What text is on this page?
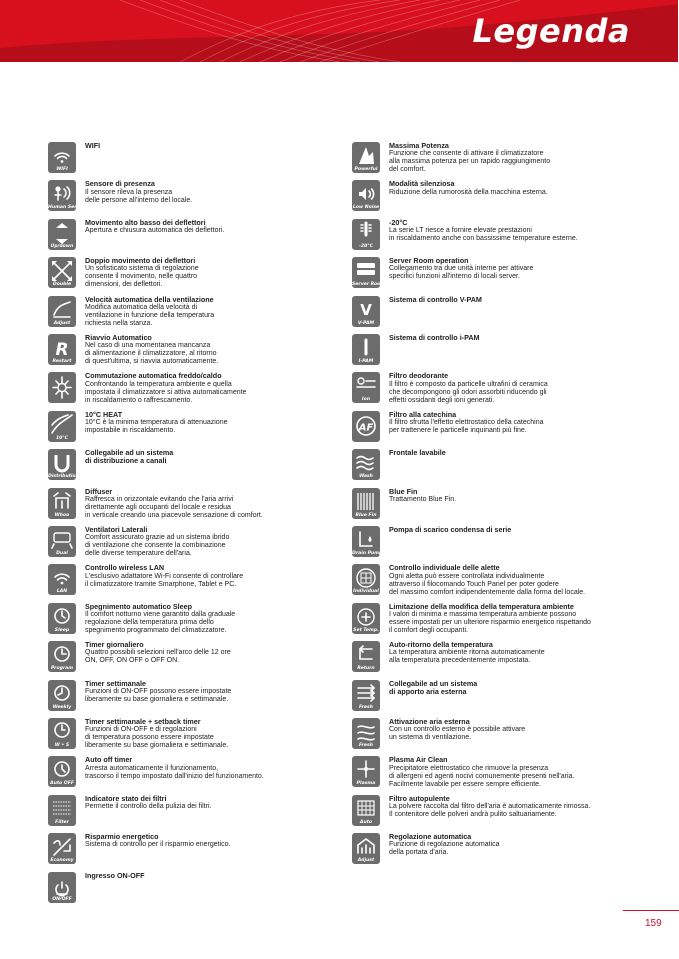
Legenda
WIFI
WIFI
Human Sensor
Sensore di presenza
Il sensore rileva la presenza
delle persone all'interno del locale.
Up/down
Movimento alto basso dei deflettori
Apertura e chiusura automatica dei deflettori.
Double
Doppio movimento dei deflettori
Un sofisticato sistema di regolazione
consente il movimento, nelle quattro
dimensioni, dei deflettori.
Adjust
Velocità automatica della ventilazione
Modifica automatica della velocità di
ventilazione in funzione della temperatura
richiesta nella stanza.
R
Restart
Riavvio Automatico
Nel caso di una momentanea mancanza
di alimentazione il climatizzatore, al ritorno
di quest'ultima, si riavvia automaticamente.
Commutazione automatica freddo/caldo
Confrontando la temperatura ambiente e quella
impostata il climatizzatore si attiva automaticamente
in riscaldamento o raffrescamento.
10°C
10°C HEAT
10°C è la minima temperatura di attenuazione
impostabile in riscaldamento.
Distribution
Collegabile ad un sistema
di distribuzione a canali
Whoo
Diffuser
Raffresca in orizzontale evitando che l'aria arrivi
direttamente agli occupanti del locale e residua
in verticale creando una piacevole sensazione di comfort.
Dual
Ventilatori Laterali
Comfort assicurato grazie ad un sistema ibrido
di ventilazione che consente la combinazione
delle diverse temperature dell'aria.
LAN
Controllo wireless LAN
L'esclusivo adattatore Wi-Fi consente di controllare
il climatizzatore tramite Smarphone, Tablet e PC.
Sleep
Spegnimento automatico Sleep
Il comfort notturno viene garantito dalla graduale
regolazione della temperatura prima dello
spegnimento programmato del climatizzatore.
Program
Timer giornaliero
Quattro possibili selezioni nell'arco delle 12 ore
ON, OFF, ON OFF o OFF ON.
Weekly
Timer settimanale
Funzioni di ON-OFF possono essere impostate
liberamente su base giornaliera e settimanale.
W • S
Timer settimanale + setback timer
Funzioni di ON-OFF e di regolazioni
di temperatura possono essere impostate
liberamente su base giornaliera e settimanale.
Auto OFF
Auto off timer
Arresta automaticamente il funzionamento,
trascorso il tempo impostato dall'inizio del funzionamento.
Filter
Indicatore stato dei filtri
Permette il controllo della pulizia dei filtri.
Economy
Risparmio energetico
Sistema di controllo per il risparmio energetico.
ON/OFF
Ingresso ON-OFF
Powerful
Massima Potenza
Funzione che consente di attivare il climatizzatore
alla massima potenza per un rapido raggiungimento
del comfort.
Low Noise
Modalità silenziosa
Riduzione della rumorosità della macchina esterna.
-20°C
-20°C
La serie LT riesce a fornire elevate prestazioni
in riscaldamento anche con bassissime temperature esterne.
Server Room
Server Room operation
Collegamento tra due unità interne per attivare
specifici funzioni all'interno di locali server.
V
V-PAM
Sistema di controllo V-PAM
I-PAM
Sistema di controllo i-PAM
Ion
Filtro deodorante
Il filtro è composto da particelle ultrafini di ceramica
che decompongono gli odori assorbiti riducendo gli
effetti ossidanti degli ioni generati.
AF
Filtro alla catechina
Il filtro sfrutta l'effetto elettrostatico della catechina
per trattenere le particelle inquinanti più fine.
Wash
Frontale lavabile
Blue Fin
Blue Fin
Trattamento Blue Fin.
Drain Pump
Pompa di scarico condensa di serie
Individual
Controllo individuale delle alette
Ogni aletta può essere controllata individualmente
attraverso il filocomando Touch Panel per poter godere
del massimo comfort indipendentemente dalla forma del locale.
Set Temp.
Limitazione della modifica della temperatura ambiente
I valori di minima e massima temperatura ambiente possono
essere impostati per un ulteriore risparmio energetico rispettando
il comfort degli occupanti.
Return
Auto-ritorno della temperatura
La temperatura ambiente ritorna automaticamente
alla temperatura precedentemente impostata.
Fresh
Collegabile ad un sistema
di apporto aria esterna
Fresh
Attivazione aria esterna
Con un controllo esterno è possibile attivare
un sistema di ventilazione.
Plasma
Plasma Air Clean
Precipitatore elettrostatico che rimuove la presenza
di allergeni ed agenti nocivi comunemente presenti nell'aria.
Facilmente lavabile per essere sempre efficiente.
Auto
Filtro autopulente
La polvere raccolta dal filtro dell'aria è automaticamente rimossa.
Il contenitore delle polveri andrà pulito saltuariamente.
Adjust
Regolazione automatica
Funzione di regolazione automatica
della portata d'aria.
159
